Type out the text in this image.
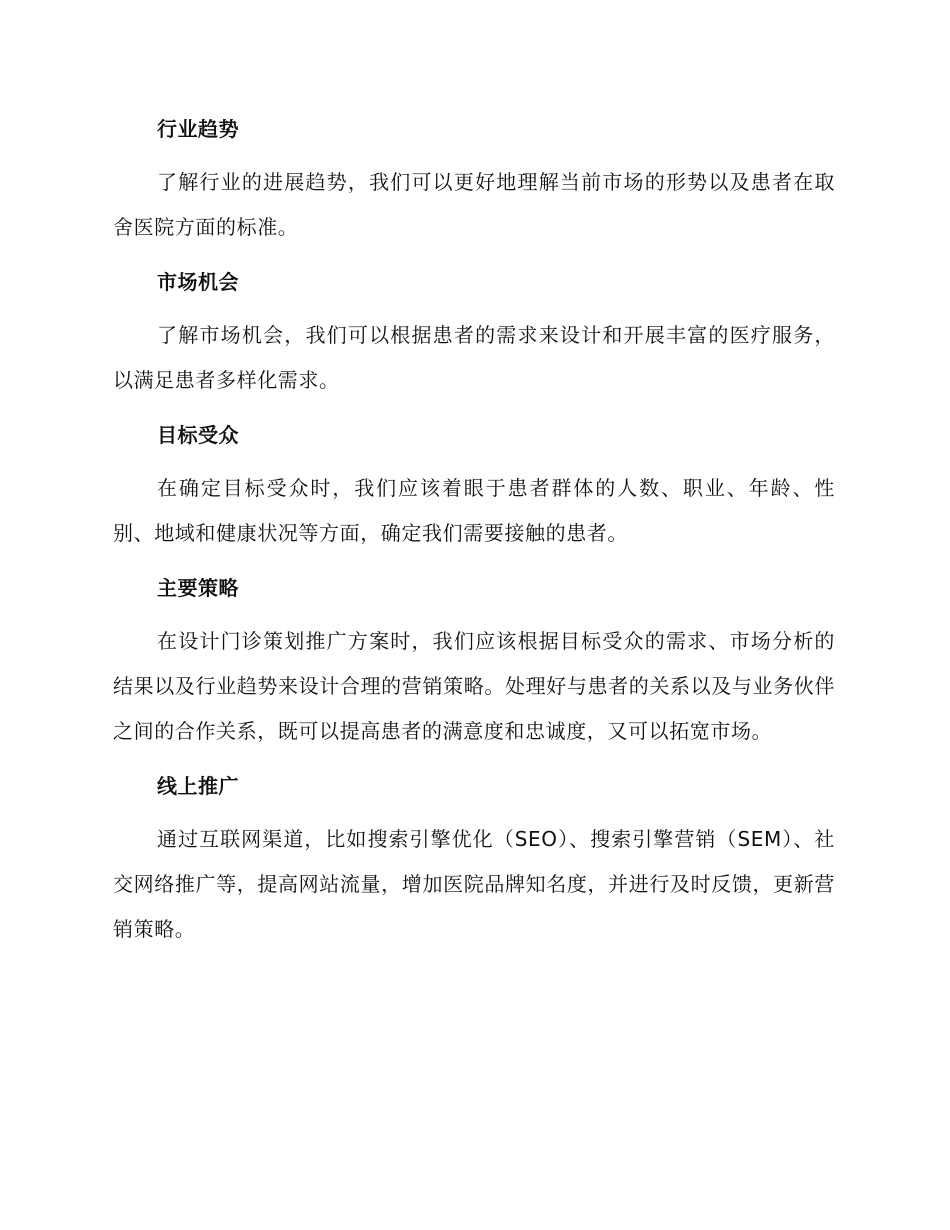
行业趋势

了解行业的进展趋势，我们可以更好地理解当前市场的形势以及患者在取舍医院方面的标准。

市场机会

了解市场机会，我们可以根据患者的需求来设计和开展丰富的医疗服务，以满足患者多样化需求。

目标受众

在确定目标受众时，我们应该着眼于患者群体的人数、职业、年龄、性别、地域和健康状况等方面，确定我们需要接触的患者。

主要策略

在设计门诊策划推广方案时，我们应该根据目标受众的需求、市场分析的结果以及行业趋势来设计合理的营销策略。处理好与患者的关系以及与业务伙伴之间的合作关系，既可以提高患者的满意度和忠诚度，又可以拓宽市场。

线上推广

通过互联网渠道，比如搜索引擎优化（SEO）、搜索引擎营销（SEM）、社交网络推广等，提高网站流量，增加医院品牌知名度，并进行及时反馈，更新营销策略。
